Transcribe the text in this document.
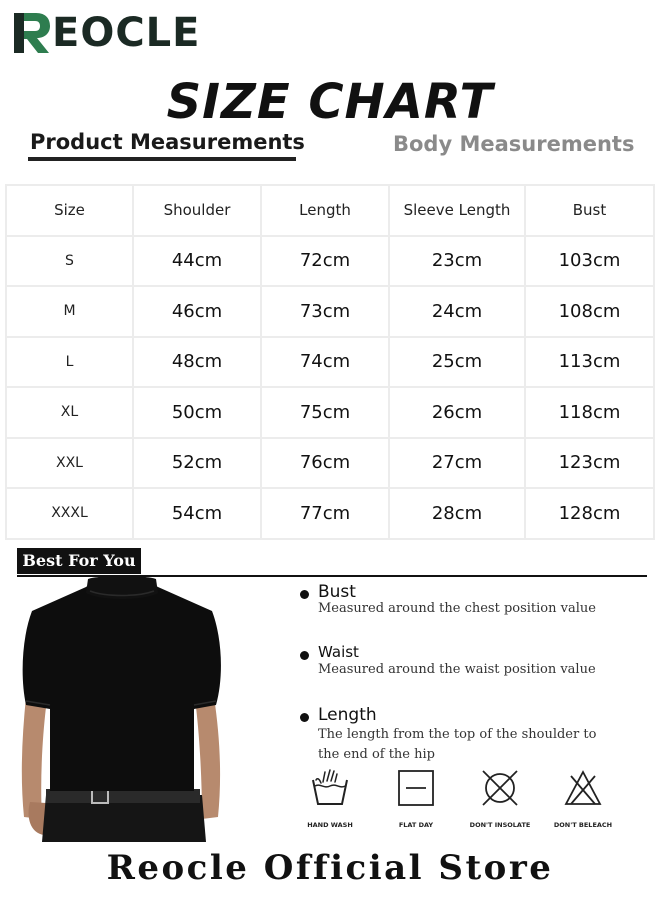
EOCLE
SIZE CHART
Product Measurements	Body Measurements
Size	Shoulder	Length	Sleeve Length	Bust
S	44cm	72cm	23cm	103cm
M	46cm	73cm	24cm	108cm
L	48cm	74cm	25cm	113cm
XL	50cm	75cm	26cm	118cm
XXL	52cm	76cm	27cm	123cm
XXXL	54cm	77cm	28cm	128cm
Best For You
Bust
Measured around the chest position value
Waist
Measured around the waist position value
Length
The length from the top of the shoulder to
the end of the hip
HAND WASH	FLAT DAY	DON'T INSOLATE	DON'T BELEACH
Reocle Official Store
